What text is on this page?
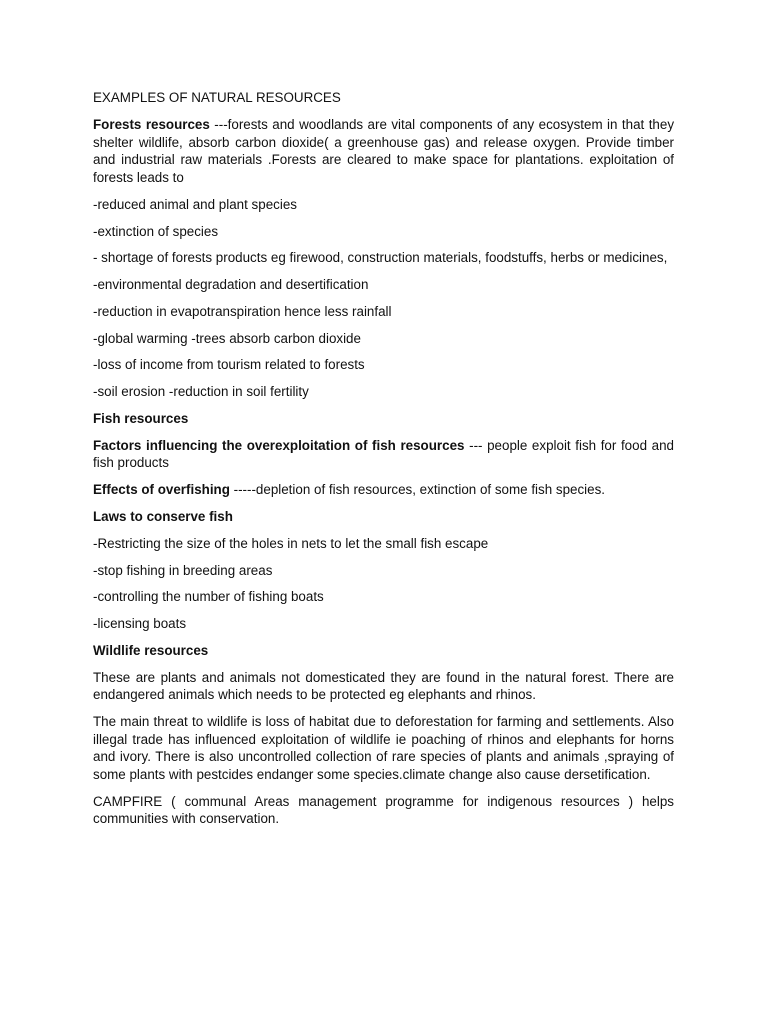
EXAMPLES OF NATURAL RESOURCES

Forests resources ---forests and woodlands are vital components of any ecosystem in that they shelter wildlife, absorb carbon dioxide( a greenhouse gas) and release oxygen. Provide timber and industrial raw materials .Forests are cleared to make space for plantations. exploitation of forests leads to

-reduced animal and plant species

-extinction of species

- shortage of forests products eg firewood, construction materials, foodstuffs, herbs or medicines,

-environmental degradation and desertification

-reduction in evapotranspiration hence less rainfall

-global warming -trees absorb carbon dioxide

-loss of income from tourism related to forests

-soil erosion -reduction in soil fertility

Fish resources

Factors influencing the overexploitation of fish resources --- people exploit fish for food and fish products

Effects of overfishing -----depletion of fish resources, extinction of some fish species.

Laws to conserve fish

-Restricting the size of the holes in nets to let the small fish escape

-stop fishing in breeding areas

-controlling the number of fishing boats

-licensing boats

Wildlife resources

These are plants and animals not domesticated they are found in the natural forest. There are endangered animals which needs to be protected eg elephants and rhinos.

The main threat to wildlife is loss of habitat due to deforestation for farming and settlements. Also illegal trade has influenced exploitation of wildlife ie poaching of rhinos and elephants for horns and ivory. There is also uncontrolled collection of rare species of plants and animals ,spraying of some plants with pestcides endanger some species.climate change also cause dersetification.

CAMPFIRE ( communal Areas management programme for indigenous resources ) helps communities with conservation.
